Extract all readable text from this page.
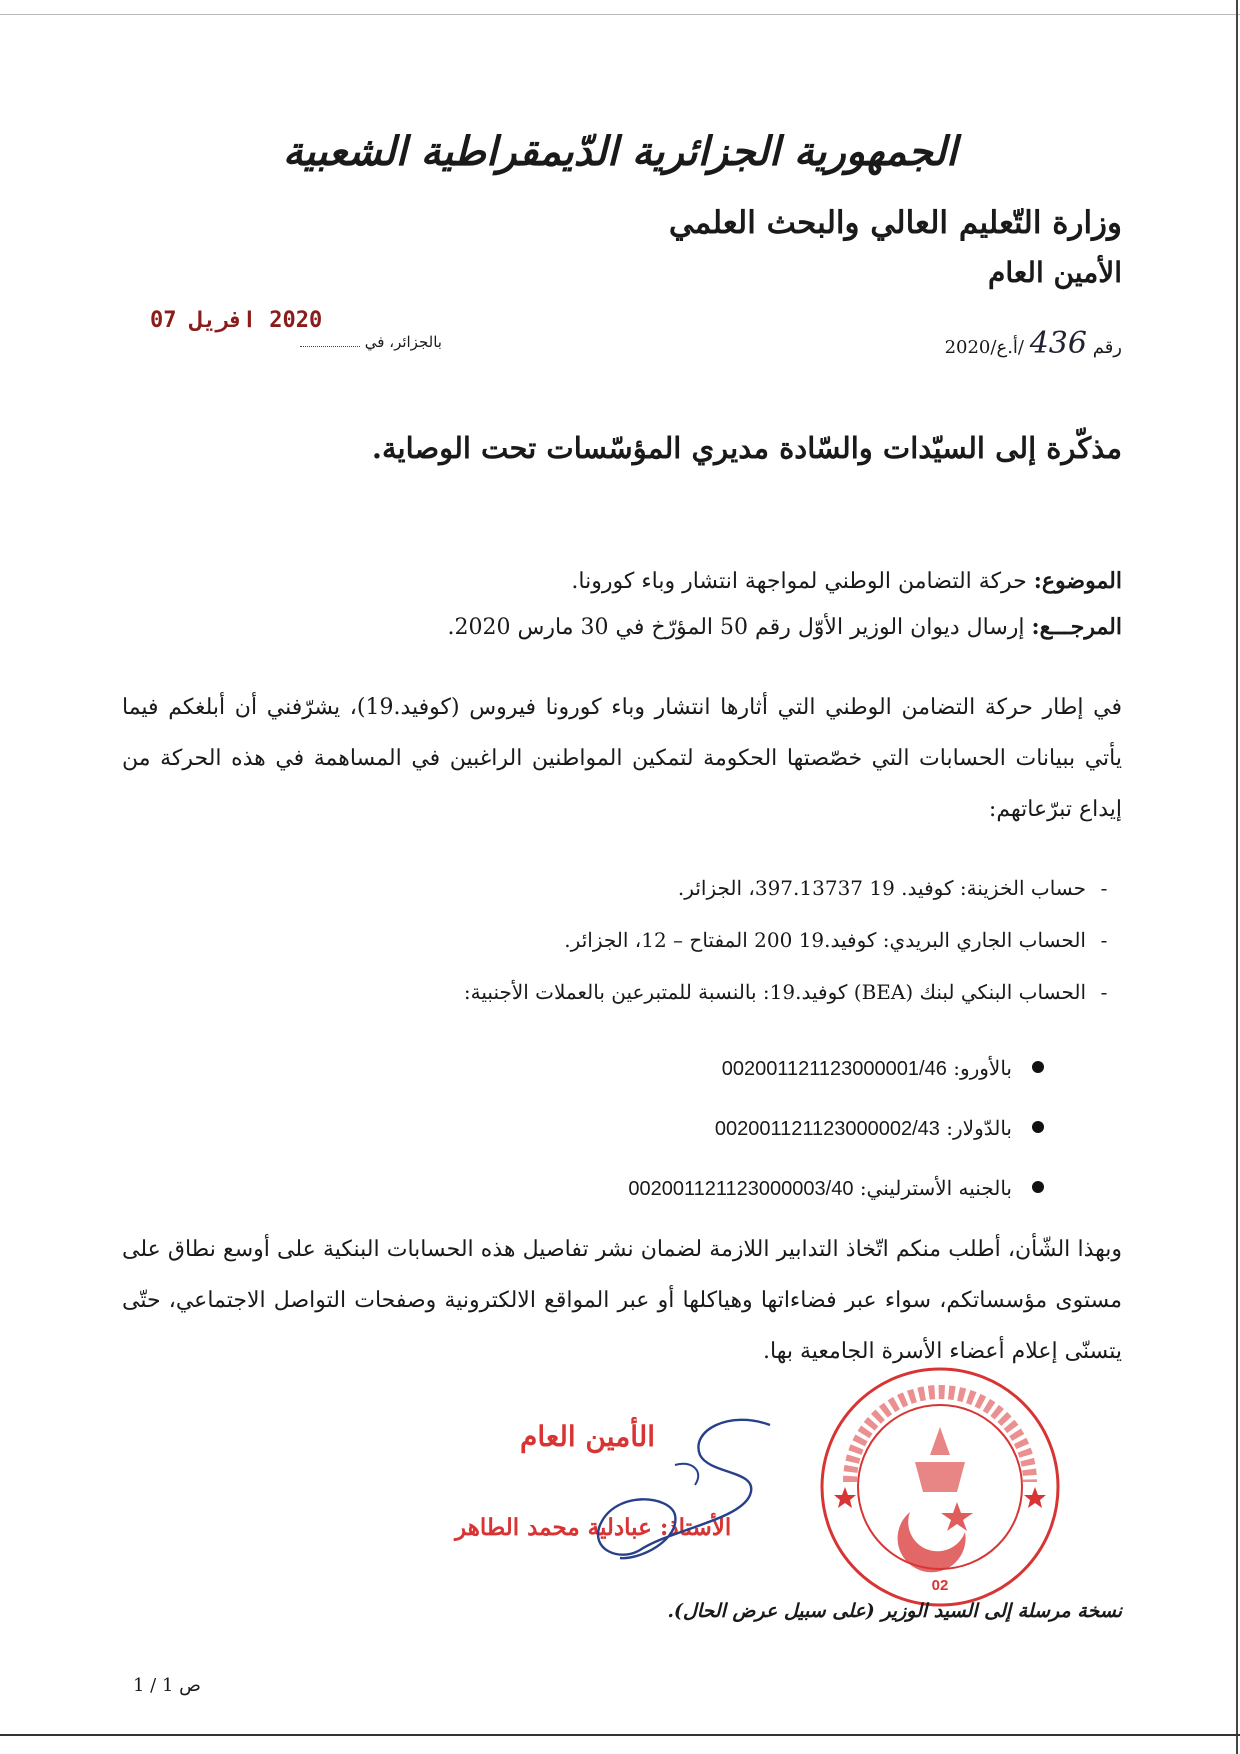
الجمهورية الجزائرية الدّيمقراطية الشعبية
وزارة التّعليم العالي والبحث العلمي
الأمين العام
2020 افريل 07
بالجزائر، في	رقم 436 /أ.ع/2020
مذكّرة إلى السيّدات والسّادة مديري المؤسّسات تحت الوصاية.
الموضوع: حركة التضامن الوطني لمواجهة انتشار وباء كورونا.
المرجـــع: إرسال ديوان الوزير الأوّل رقم 50 المؤرّخ في 30 مارس 2020.
في إطار حركة التضامن الوطني التي أثارها انتشار وباء كورونا فيروس (كوفيد.19)، يشرّفني أن أبلغكم فيما يأتي ببيانات الحسابات التي خصّصتها الحكومة لتمكين المواطنين الراغبين في المساهمة في هذه الحركة من إيداع تبرّعاتهم:
- حساب الخزينة: كوفيد. 19 397.13737، الجزائر.
- الحساب الجاري البريدي: كوفيد.19 200 المفتاح – 12، الجزائر.
- الحساب البنكي لبنك (BEA) كوفيد.19: بالنسبة للمتبرعين بالعملات الأجنبية:
بالأورو: 002001121123000001/46
بالدّولار: 002001121123000002/43
بالجنيه الأسترليني: 002001121123000003/40
وبهذا الشّأن، أطلب منكم اتّخاذ التدابير اللازمة لضمان نشر تفاصيل هذه الحسابات البنكية على أوسع نطاق على مستوى مؤسساتكم، سواء عبر فضاءاتها وهياكلها أو عبر المواقع الالكترونية وصفحات التواصل الاجتماعي، حتّى يتسنّى إعلام أعضاء الأسرة الجامعية بها.
02
الأمين العام
الأستاذ: عبادلية محمد الطاهر
نسخة مرسلة إلى السيد الوزير (على سبيل عرض الحال).
ص 1 / 1
